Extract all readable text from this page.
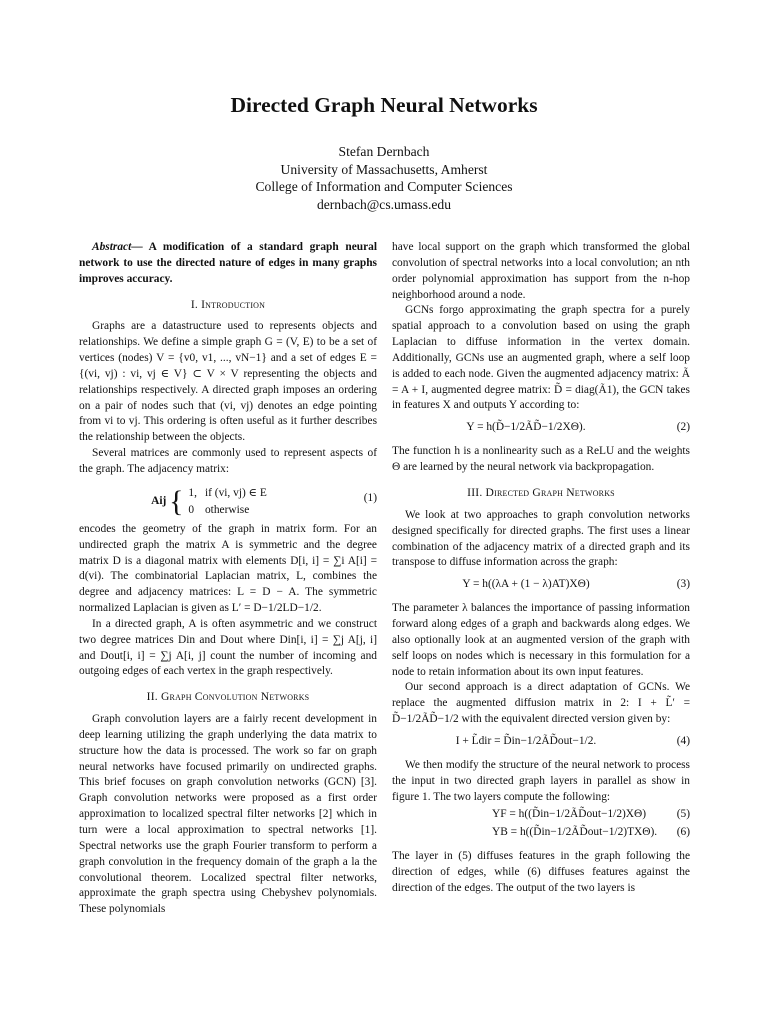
Directed Graph Neural Networks
Stefan Dernbach
University of Massachusetts, Amherst
College of Information and Computer Sciences
dernbach@cs.umass.edu

Abstract— A modification of a standard graph neural network to use the directed nature of edges in many graphs improves accuracy.

I. Introduction

Graphs are a datastructure used to represents objects and relationships. We define a simple graph G = (V, E) to be a set of vertices (nodes) V = {v0, v1, ..., vN−1} and a set of edges E = {(vi, vj) : vi, vj ∈ V} ⊂ V × V representing the objects and relationships respectively. A directed graph imposes an ordering on a pair of nodes such that (vi, vj) denotes an edge pointing from vi to vj. This ordering is often useful as it further describes the relationship between the objects.

Several matrices are commonly used to represent aspects of the graph. The adjacency matrix:

Aij { 1,	if (vi, vj) ∈ E
0	otherwise
(1)

encodes the geometry of the graph in matrix form. For an undirected graph the matrix A is symmetric and the degree matrix D is a diagonal matrix with elements D[i, i] = ∑i A[i] = d(vi). The combinatorial Laplacian matrix, L, combines the degree and adjacency matrices: L = D − A. The symmetric normalized Laplacian is given as L′ = D−1/2LD−1/2.

In a directed graph, A is often asymmetric and we construct two degree matrices Din and Dout where Din[i, i] = ∑j A[j, i] and Dout[i, i] = ∑j A[i, j] count the number of incoming and outgoing edges of each vertex in the graph respectively.

II. Graph Convolution Networks

Graph convolution layers are a fairly recent development in deep learning utilizing the graph underlying the data matrix to structure how the data is processed. The work so far on graph neural networks have focused primarily on undirected graphs. This brief focuses on graph convolution networks (GCN) [3]. Graph convolution networks were proposed as a first order approximation to localized spectral filter networks [2] which in turn were a local approximation to spectral networks [1]. Spectral networks use the graph Fourier transform to perform a graph convolution in the frequency domain of the graph a la the convolutional theorem. Localized spectral filter networks, approximate the graph spectra using Chebyshev polynomials. These polynomials

have local support on the graph which transformed the global convolution of spectral networks into a local convolution; an nth order polynomial approximation has support from the n-hop neighborhood around a node.

GCNs forgo approximating the graph spectra for a purely spatial approach to a convolution based on using the graph Laplacian to diffuse information in the vertex domain. Additionally, GCNs use an augmented graph, where a self loop is added to each node. Given the augmented adjacency matrix: Ã = A + I, augmented degree matrix: D̃ = diag(Ã1), the GCN takes in features X and outputs Y according to:

Y = h(D̃−1/2ÃD̃−1/2XΘ).	(2)

The function h is a nonlinearity such as a ReLU and the weights Θ are learned by the neural network via backpropagation.

III. Directed Graph Networks

We look at two approaches to graph convolution networks designed specifically for directed graphs. The first uses a linear combination of the adjacency matrix of a directed graph and its transpose to diffuse information across the graph:

Y = h((λA + (1 − λ)AT)XΘ)	(3)

The parameter λ balances the importance of passing information forward along edges of a graph and backwards along edges. We also optionally look at an augmented version of the graph with self loops on nodes which is necessary in this formulation for a node to retain information about its own input features.

Our second approach is a direct adaptation of GCNs. We replace the augmented diffusion matrix in 2: I + L̃′ = D̃−1/2ÃD̃−1/2 with the equivalent directed version given by:

I + L̃dir = D̃in−1/2ÃD̃out−1/2.	(4)

We then modify the structure of the neural network to process the input in two directed graph layers in parallel as show in figure 1. The two layers compute the following:

YF = h((D̃in−1/2ÃD̃out−1/2)XΘ)	(5)
YB = h((D̃in−1/2ÃD̃out−1/2)TXΘ). (6)

The layer in (5) diffuses features in the graph following the direction of edges, while (6) diffuses features against the direction of the edges. The output of the two layers is
